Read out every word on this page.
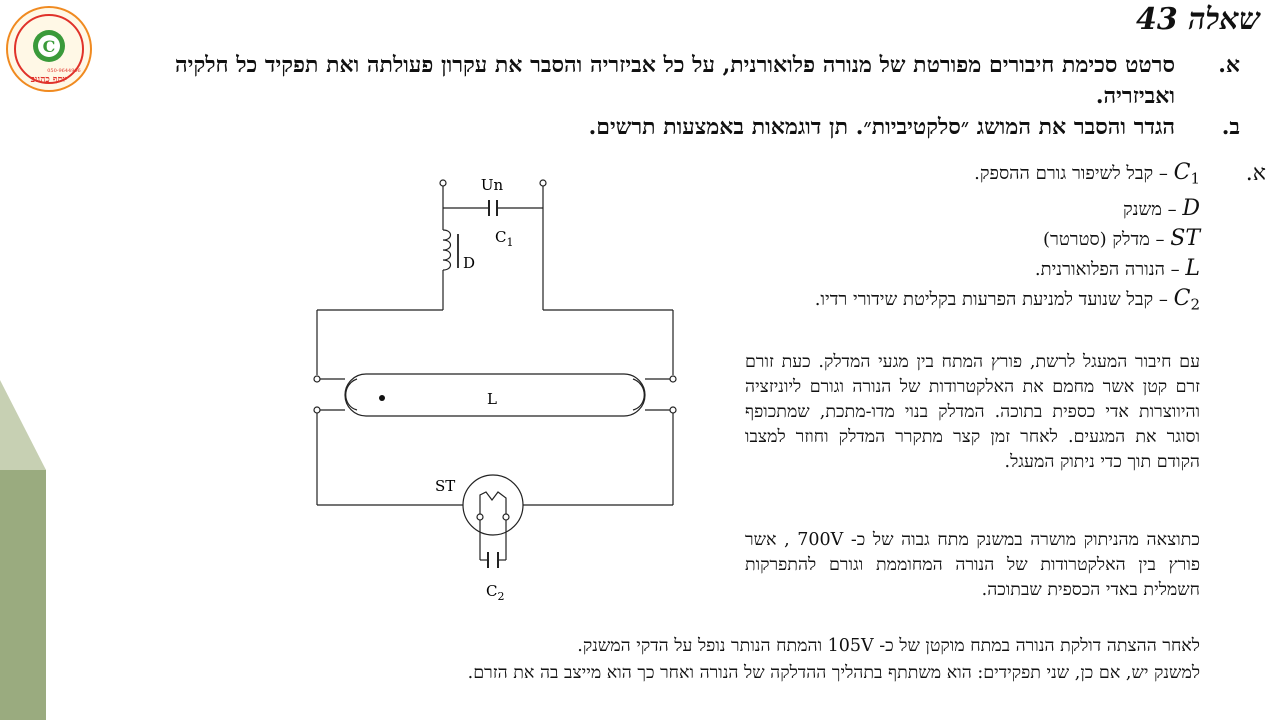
C
יוסף כהנוב
050-9644906
שאלה 43
א.
סרטט סכימת חיבורים מפורטת של מנורה פלואורנית, על כל אביזריה והסבר את עקרון פעולתה ואת תפקיד כל חלקיה ואביזריה.
ב.
הגדר והסבר את המושג ״סלקטיביות״. תן דוגמאות באמצעות תרשים.
א.
$C_1$ – קבל לשיפור גורם ההספק.
D – משנק
ST – מדלק (סטרטר)
L – הנורה הפלואורנית.
$C_2$ – קבל שנועד למניעת הפרעות בקליטת שידורי רדיו.
עם חיבור המעגל לרשת, פורץ המתח בין מגעי המדלק. כעת זורם זרם קטן אשר מחמם את האלקטרודות של הנורה וגורם ליוניזציה והיווצרות אדי כספית בתוכה. המדלק בנוי מדו-מתכת, שמתכופף וסוגר את המגעים. לאחר זמן קצר מתקרר המדלק וחוזר למצבו הקודם תוך כדי ניתוק המעגל.
כתוצאה מהניתוק מושרה במשנק מתח גבוה של כ- 700V , אשר פורץ בין האלקטרודות של הנורה המחוממת וגורם להתפרקות חשמלית באדי הכספית שבתוכה.
לאחר ההצתה דולקת הנורה במתח מוקטן של כ- 105V והמתח הנותר נופל על הדקי המשנק.
למשנק יש, אם כן, שני תפקידים: הוא משתתף בתהליך ההדלקה של הנורה ואחר כך הוא מייצב בה את הזרם.
Un
$C_1$
D
L
ST
$C_2$
